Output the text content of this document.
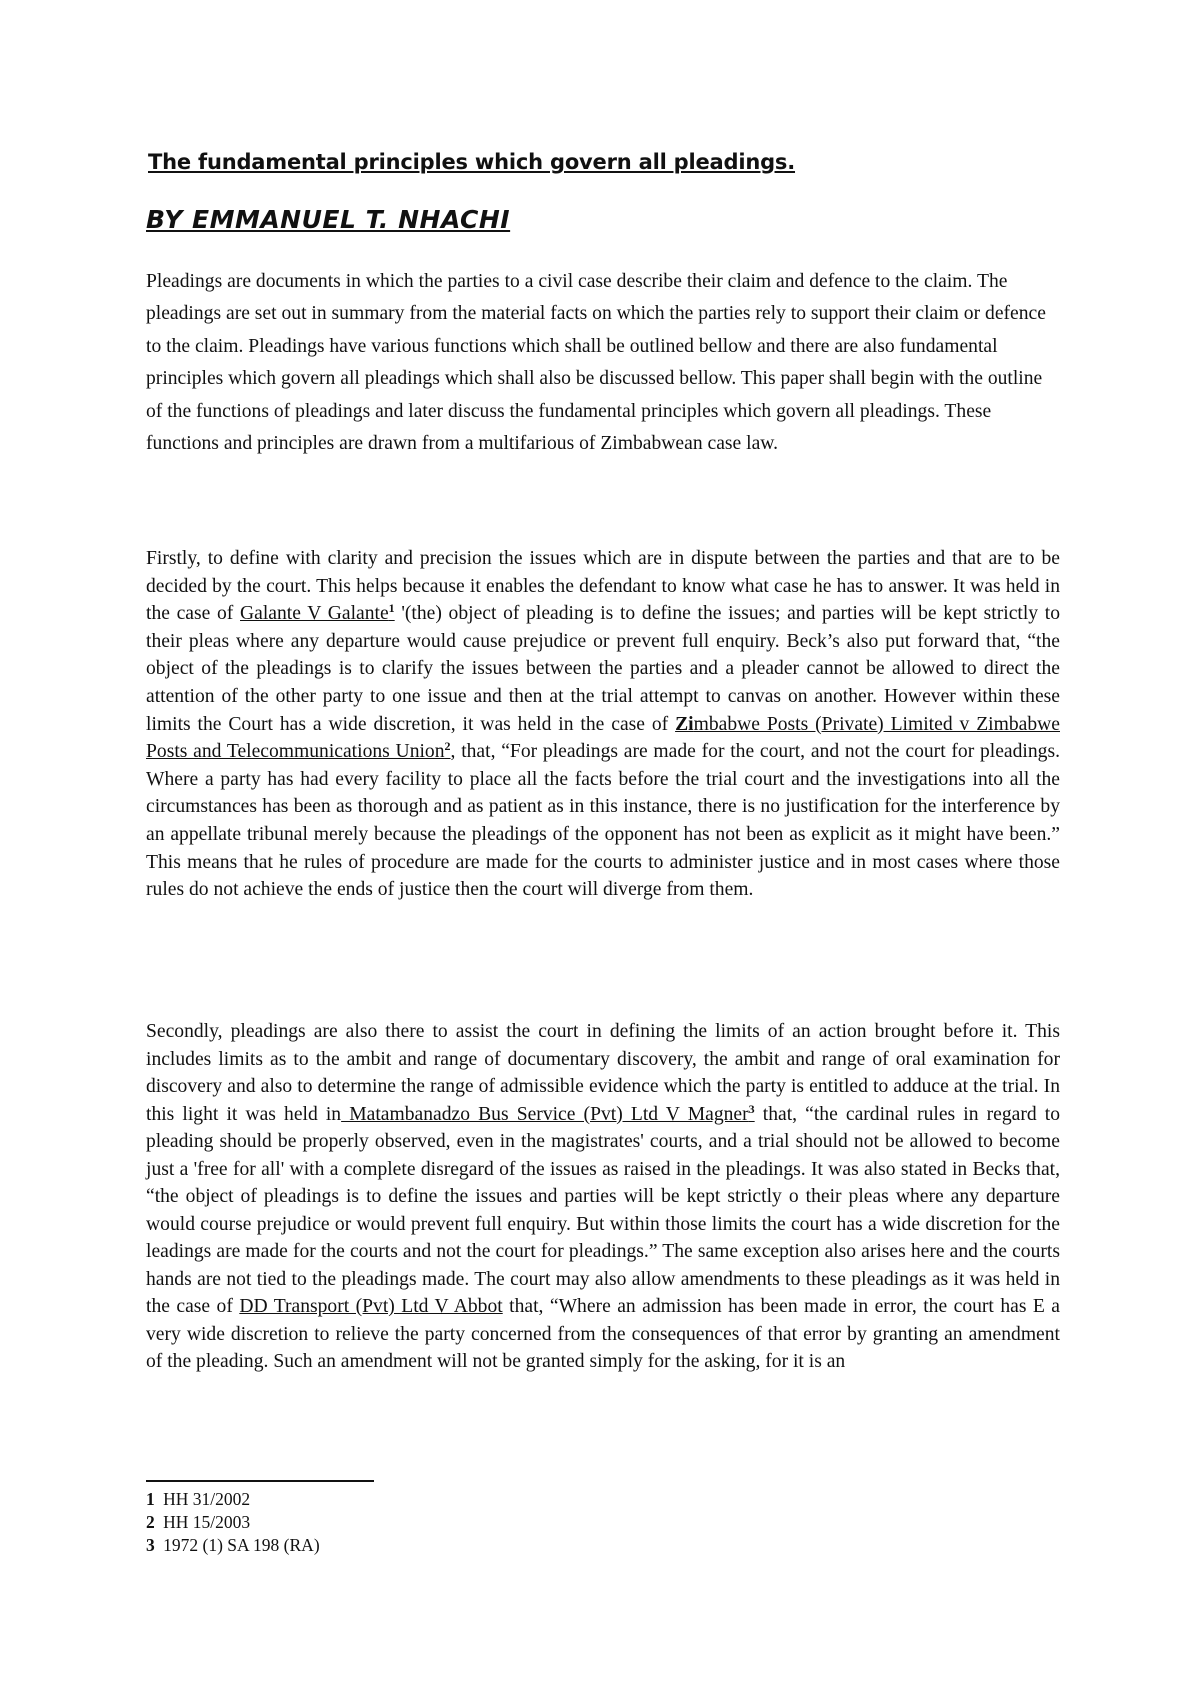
The fundamental principles which govern all pleadings.
BY EMMANUEL T. NHACHI

Pleadings are documents in which the parties to a civil case describe their claim and defence to the claim. The pleadings are set out in summary from the material facts on which the parties rely to support their claim or defence to the claim. Pleadings have various functions which shall be outlined bellow and there are also fundamental principles which govern all pleadings which shall also be discussed bellow. This paper shall begin with the outline of the functions of pleadings and later discuss the fundamental principles which govern all pleadings. These functions and principles are drawn from a multifarious of Zimbabwean case law.

Firstly, to define with clarity and precision the issues which are in dispute between the parties and that are to be decided by the court. This helps because it enables the defendant to know what case he has to answer. It was held in the case of Galante V Galante$^1$ '(the) object of pleading is to define the issues; and parties will be kept strictly to their pleas where any departure would cause prejudice or prevent full enquiry. Beck’s also put forward that, “the object of the pleadings is to clarify the issues between the parties and a pleader cannot be allowed to direct the attention of the other party to one issue and then at the trial attempt to canvas on another. However within these limits the Court has a wide discretion, it was held in the case of Zimbabwe Posts (Private) Limited v Zimbabwe Posts and Telecommunications Union$^2$, that, “For pleadings are made for the court, and not the court for pleadings. Where a party has had every facility to place all the facts before the trial court and the investigations into all the circumstances has been as thorough and as patient as in this instance, there is no justification for the interference by an appellate tribunal merely because the pleadings of the opponent has not been as explicit as it might have been.” This means that he rules of procedure are made for the courts to administer justice and in most cases where those rules do not achieve the ends of justice then the court will diverge from them.

Secondly, pleadings are also there to assist the court in defining the limits of an action brought before it. This includes limits as to the ambit and range of documentary discovery, the ambit and range of oral examination for discovery and also to determine the range of admissible evidence which the party is entitled to adduce at the trial. In this light it was held in Matambanadzo Bus Service (Pvt) Ltd V Magner$^3$ that, “the cardinal rules in regard to pleading should be properly observed, even in the magistrates' courts, and a trial should not be allowed to become just a 'free for all' with a complete disregard of the issues as raised in the pleadings. It was also stated in Becks that, “the object of pleadings is to define the issues and parties will be kept strictly o their pleas where any departure would course prejudice or would prevent full enquiry. But within those limits the court has a wide discretion for the leadings are made for the courts and not the court for pleadings.” The same exception also arises here and the courts hands are not tied to the pleadings made. The court may also allow amendments to these pleadings as it was held in the case of DD Transport (Pvt) Ltd V Abbot that, “Where an admission has been made in error, the court has E a very wide discretion to relieve the party concerned from the consequences of that error by granting an amendment of the pleading. Such an amendment will not be granted simply for the asking, for it is an

1 HH 31/2002
2 HH 15/2003
3 1972 (1) SA 198 (RA)
